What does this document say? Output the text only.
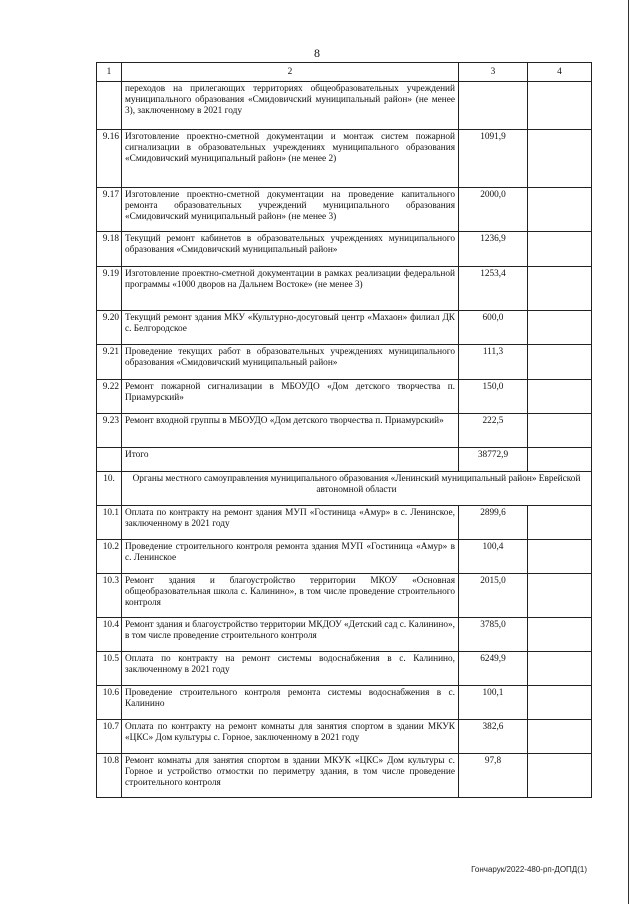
8
1	2	3	4
	переходов на прилегающих территориях общеобразовательных учреждений муниципального образования «Смидовичский муниципальный район» (не менее 3), заключенному в 2021 году		
9.16	Изготовление проектно-сметной документации и монтаж систем пожарной сигнализации в образовательных учреждениях муниципального образования «Смидовичский муниципальный район» (не менее 2)	1091,9	
9.17	Изготовление проектно-сметной документации на проведение капитального ремонта образовательных учреждений муниципального образования «Смидовичский муниципальный район» (не менее 3)	2000,0	
9.18	Текущий ремонт кабинетов в образовательных учреждениях муниципального образования «Смидовичский муниципальный район»	1236,9	
9.19	Изготовление проектно-сметной документации в рамках реализации федеральной программы «1000 дворов на Дальнем Востоке» (не менее 3)	1253,4	
9.20	Текущий ремонт здания МКУ «Культурно-досуговый центр «Махаон» филиал ДК с. Белгородское	600,0	
9.21	Проведение текущих работ в образовательных учреждениях муниципального образования «Смидовичский муниципальный район»	111,3	
9.22	Ремонт пожарной сигнализации в МБОУДО «Дом детского творчества п. Приамурский»	150,0	
9.23	Ремонт входной группы в МБОУДО «Дом детского творчества п. Приамурский»	222,5	
	Итого	38772,9	
10.	Органы местного самоуправления муниципального образования «Ленинский муниципальный район» Еврейской автономной области		
10.1	Оплата по контракту на ремонт здания МУП «Гостиница «Амур» в с. Ленинское, заключенному в 2021 году	2899,6	
10.2	Проведение строительного контроля ремонта здания МУП «Гостиница «Амур» в с. Ленинское	100,4	
10.3	Ремонт здания и благоустройство территории МКОУ «Основная общеобразовательная школа с. Калинино», в том числе проведение строительного контроля	2015,0	
10.4	Ремонт здания и благоустройство территории МКДОУ «Детский сад с. Калинино», в том числе проведение строительного контроля	3785,0	
10.5	Оплата по контракту на ремонт системы водоснабжения в с. Калинино, заключенному в 2021 году	6249,9	
10.6	Проведение строительного контроля ремонта системы водоснабжения в с. Калинино	100,1	
10.7	Оплата по контракту на ремонт комнаты для занятия спортом в здании МКУК «ЦКС» Дом культуры с. Горное, заключенному в 2021 году	382,6	
10.8	Ремонт комнаты для занятия спортом в здании МКУК «ЦКС» Дом культуры с. Горное и устройство отмостки по периметру здания, в том числе проведение строительного контроля	97,8	
Гончарук/2022-480-рп-ДОПД(1)
